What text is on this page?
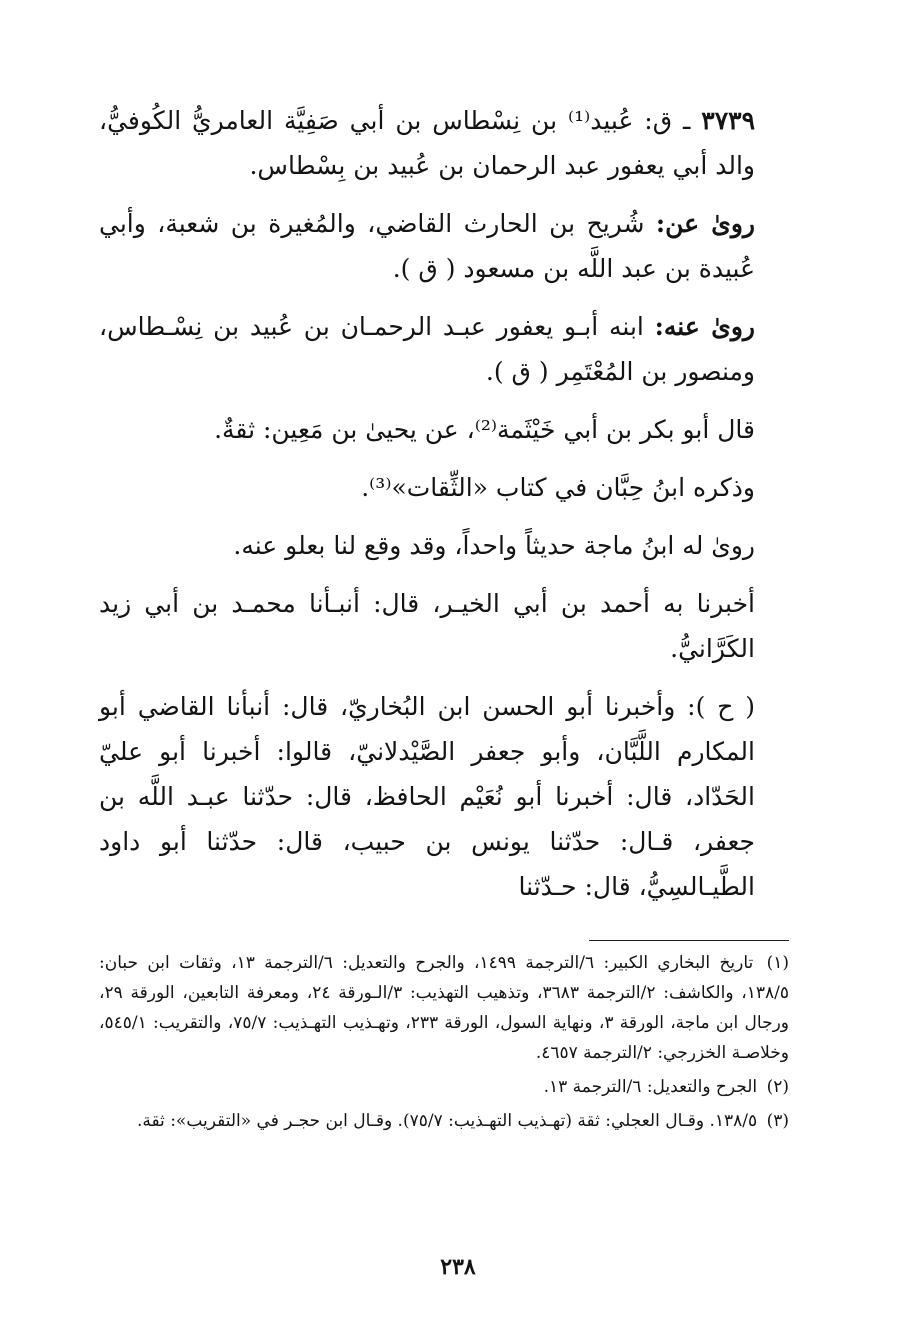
٣٧٣٩ ـ ق: عُبيد⁽¹⁾ بن نِسْطاس بن أبي صَفِيَّة العامريُّ الكُوفيُّ، والد أبي يعفور عبد الرحمان بن عُبيد بن بِسْطاس.

روىٰ عن: شُريح بن الحارث القاضي، والمُغيرة بن شعبة، وأبي عُبيدة بن عبد اللَّه بن مسعود ( ق ).

روىٰ عنه: ابنه أبـو يعفور عبـد الرحمـان بن عُبيد بن نِسْـطاس، ومنصور بن المُعْتَمِر ( ق ).

قال أبو بكر بن أبي خَيْثَمة⁽²⁾، عن يحيىٰ بن مَعِين: ثقةٌ.

وذكره ابنُ حِبَّان في كتاب «الثِّقات»⁽³⁾.

روىٰ له ابنُ ماجة حديثاً واحداً، وقد وقع لنا بعلو عنه.

أخبرنا به أحمد بن أبي الخيـر، قال: أنبـأنا محمـد بن أبي زيد الكَرَّانيُّ.

( ح ): وأخبرنا أبو الحسن ابن البُخاريّ، قال: أنبأنا القاضي أبو المكارم اللَّبَّان، وأبو جعفر الصَّيْدلانيّ، قالوا: أخبرنا أبو عليّ الحَدّاد، قال: أخبرنا أبو نُعَيْم الحافظ، قال: حدّثنا عبـد اللَّه بن جعفر، قـال: حدّثنا يونس بن حبيب، قال: حدّثنا أبو داود الطَّيـالسِيُّ، قال: حـدّثنا

(١) تاريخ البخاري الكبير: ٦/الترجمة ١٤٩٩، والجرح والتعديل: ٦/الترجمة ١٣، وثقات ابن حبان: ١٣٨/٥، والكاشف: ٢/الترجمة ٣٦٨٣، وتذهيب التهذيب: ٣/الـورقة ٢٤، ومعرفة التابعين، الورقة ٢٩، ورجال ابن ماجة، الورقة ٣، ونهاية السول، الورقة ٢٣٣، وتهـذيب التهـذيب: ٧٥/٧، والتقريب: ٥٤٥/١، وخلاصـة الخزرجي: ٢/الترجمة ٤٦٥٧.

(٢) الجرح والتعديل: ٦/الترجمة ١٣.

(٣) ١٣٨/٥. وقـال العجلي: ثقة (تهـذيب التهـذيب: ٧٥/٧). وقـال ابن حجـر في «التقريب»: ثقة.

٢٣٨
